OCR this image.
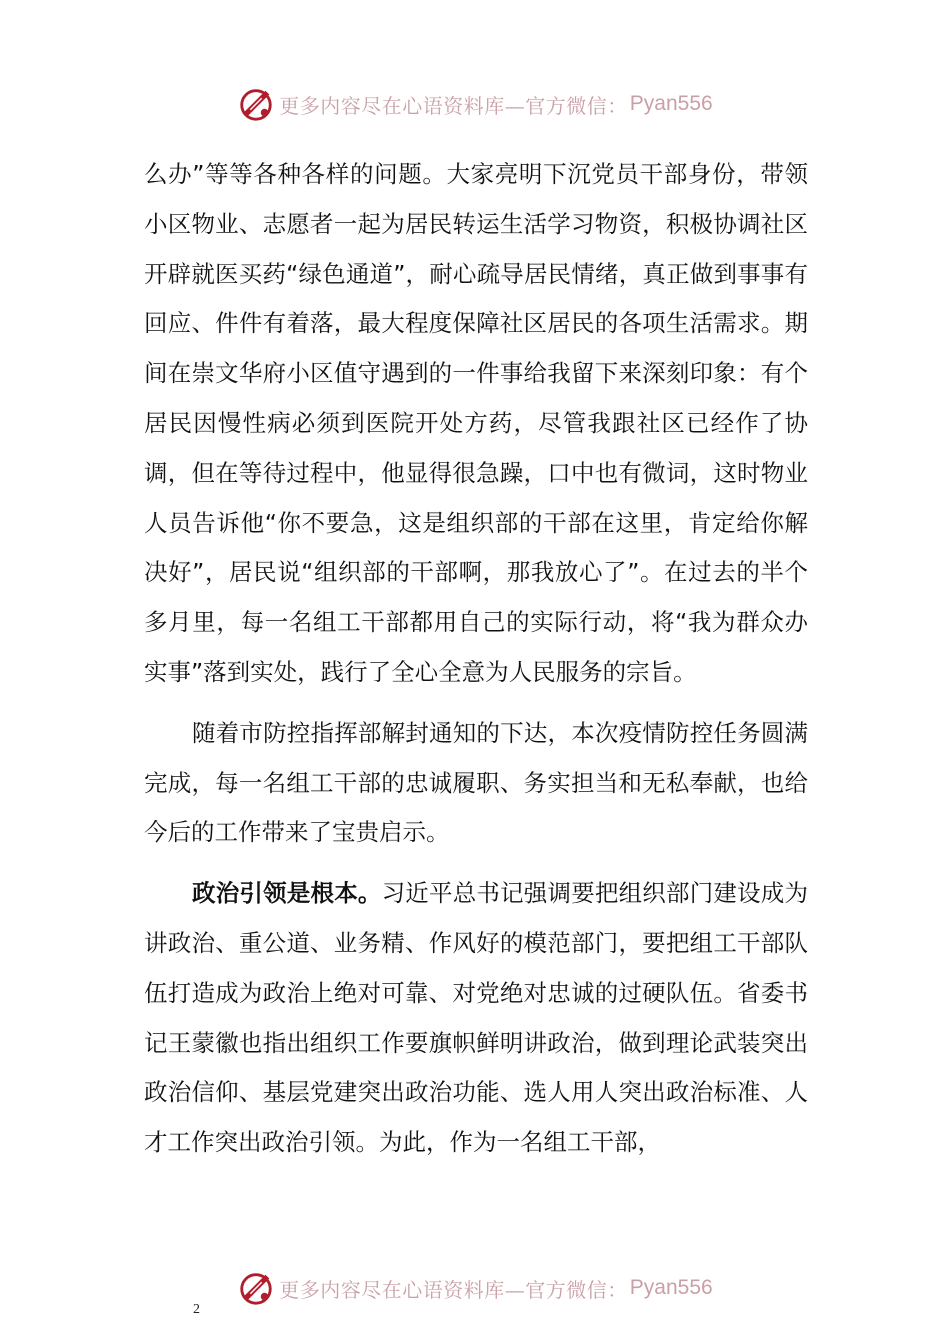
更多内容尽在心语资料库—官方微信： Pyan556

么办”等等各种各样的问题。大家亮明下沉党员干部身份，带领小区物业、志愿者一起为居民转运生活学习物资，积极协调社区开辟就医买药“绿色通道”，耐心疏导居民情绪，真正做到事事有回应、件件有着落，最大程度保障社区居民的各项生活需求。期间在崇文华府小区值守遇到的一件事给我留下来深刻印象：有个居民因慢性病必须到医院开处方药，尽管我跟社区已经作了协调，但在等待过程中，他显得很急躁，口中也有微词，这时物业人员告诉他“你不要急，这是组织部的干部在这里，肯定给你解决好”，居民说“组织部的干部啊，那我放心了”。在过去的半个多月里，每一名组工干部都用自己的实际行动，将“我为群众办实事”落到实处，践行了全心全意为人民服务的宗旨。

随着市防控指挥部解封通知的下达，本次疫情防控任务圆满完成，每一名组工干部的忠诚履职、务实担当和无私奉献，也给今后的工作带来了宝贵启示。

政治引领是根本。习近平总书记强调要把组织部门建设成为讲政治、重公道、业务精、作风好的模范部门，要把组工干部队伍打造成为政治上绝对可靠、对党绝对忠诚的过硬队伍。省委书记王蒙徽也指出组织工作要旗帜鲜明讲政治，做到理论武装突出政治信仰、基层党建突出政治功能、选人用人突出政治标准、人才工作突出政治引领。为此，作为一名组工干部，

更多内容尽在心语资料库—官方微信： Pyan556
2
